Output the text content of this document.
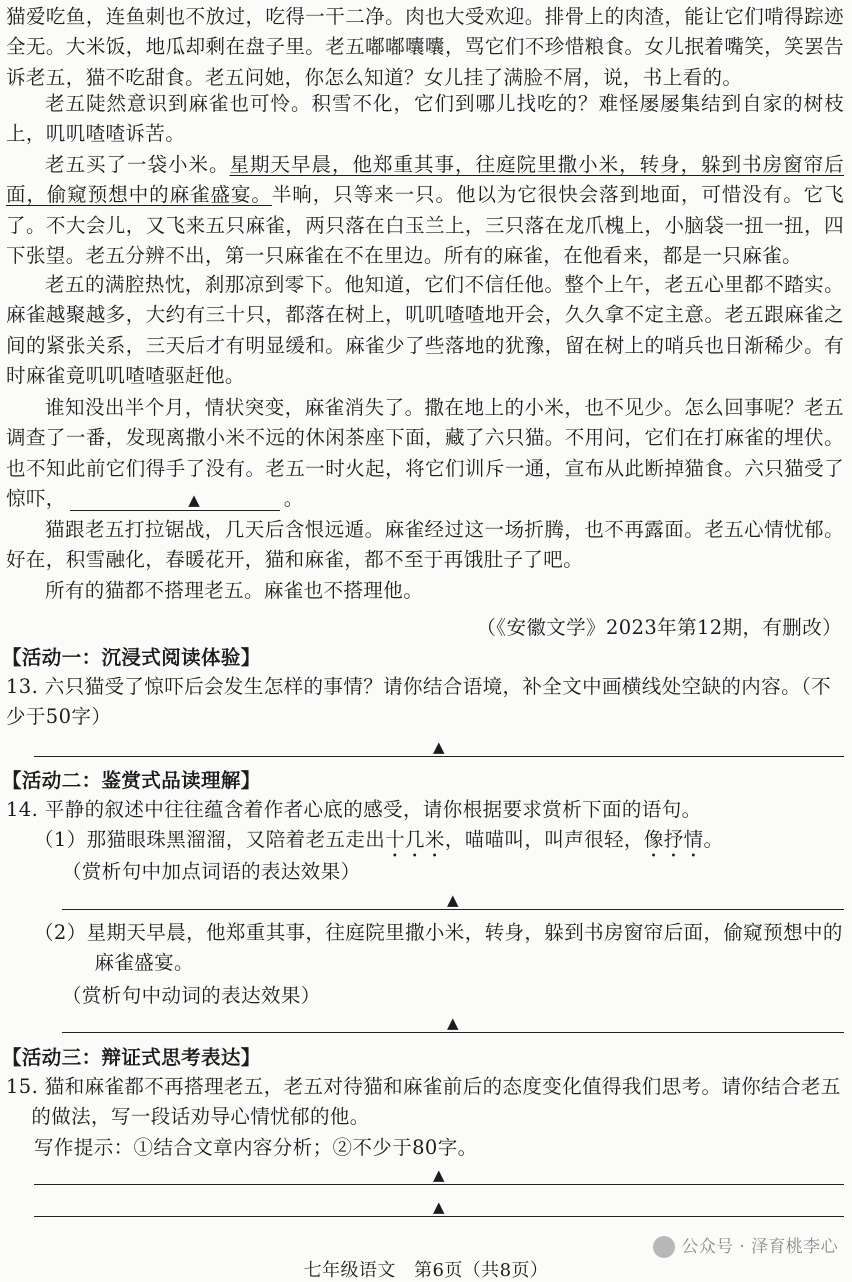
猫爱吃鱼，连鱼刺也不放过，吃得一干二净。肉也大受欢迎。排骨上的肉渣，能让它们啃得踪迹全无。大米饭，地瓜却剩在盘子里。老五嘟嘟囔囔，骂它们不珍惜粮食。女儿抿着嘴笑，笑罢告诉老五，猫不吃甜食。老五问她，你怎么知道？女儿挂了满脸不屑，说，书上看的。
老五陡然意识到麻雀也可怜。积雪不化，它们到哪儿找吃的？难怪屡屡集结到自家的树枝上，叽叽喳喳诉苦。
老五买了一袋小米。星期天早晨，他郑重其事，往庭院里撒小米，转身，躲到书房窗帘后面，偷窥预想中的麻雀盛宴。半晌，只等来一只。他以为它很快会落到地面，可惜没有。它飞了。不大会儿，又飞来五只麻雀，两只落在白玉兰上，三只落在龙爪槐上，小脑袋一扭一扭，四下张望。老五分辨不出，第一只麻雀在不在里边。所有的麻雀，在他看来，都是一只麻雀。
老五的满腔热忱，刹那凉到零下。他知道，它们不信任他。整个上午，老五心里都不踏实。麻雀越聚越多，大约有三十只，都落在树上，叽叽喳喳地开会，久久拿不定主意。老五跟麻雀之间的紧张关系，三天后才有明显缓和。麻雀少了些落地的犹豫，留在树上的哨兵也日渐稀少。有时麻雀竟叽叽喳喳驱赶他。
谁知没出半个月，情状突变，麻雀消失了。撒在地上的小米，也不见少。怎么回事呢？老五调查了一番，发现离撒小米不远的休闲茶座下面，藏了六只猫。不用问，它们在打麻雀的埋伏。也不知此前它们得手了没有。老五一时火起，将它们训斥一通，宣布从此断掉猫食。六只猫受了惊吓，	▲	。
猫跟老五打拉锯战，几天后含恨远遁。麻雀经过这一场折腾，也不再露面。老五心情忧郁。好在，积雪融化，春暖花开，猫和麻雀，都不至于再饿肚子了吧。
所有的猫都不搭理老五。麻雀也不搭理他。
（《安徽文学》2023年第12期，有删改）
【活动一：沉浸式阅读体验】
13. 六只猫受了惊吓后会发生怎样的事情？请你结合语境，补全文中画横线处空缺的内容。（不少于50字）
▲
【活动二：鉴赏式品读理解】
14. 平静的叙述中往往蕴含着作者心底的感受，请你根据要求赏析下面的语句。
（1）那猫眼珠黑溜溜，又陪着老五走出十几米，喵喵叫，叫声很轻，像抒情。
（赏析句中加点词语的表达效果）
▲
（2）星期天早晨，他郑重其事，往庭院里撒小米，转身，躲到书房窗帘后面，偷窥预想中的麻雀盛宴。
（赏析句中动词的表达效果）
▲
【活动三：辩证式思考表达】
15. 猫和麻雀都不再搭理老五，老五对待猫和麻雀前后的态度变化值得我们思考。请你结合老五的做法，写一段话劝导心情忧郁的他。
写作提示：①结合文章内容分析；②不少于80字。
▲
▲
公众号 · 泽育桃李心
七年级语文　第6页（共8页）
